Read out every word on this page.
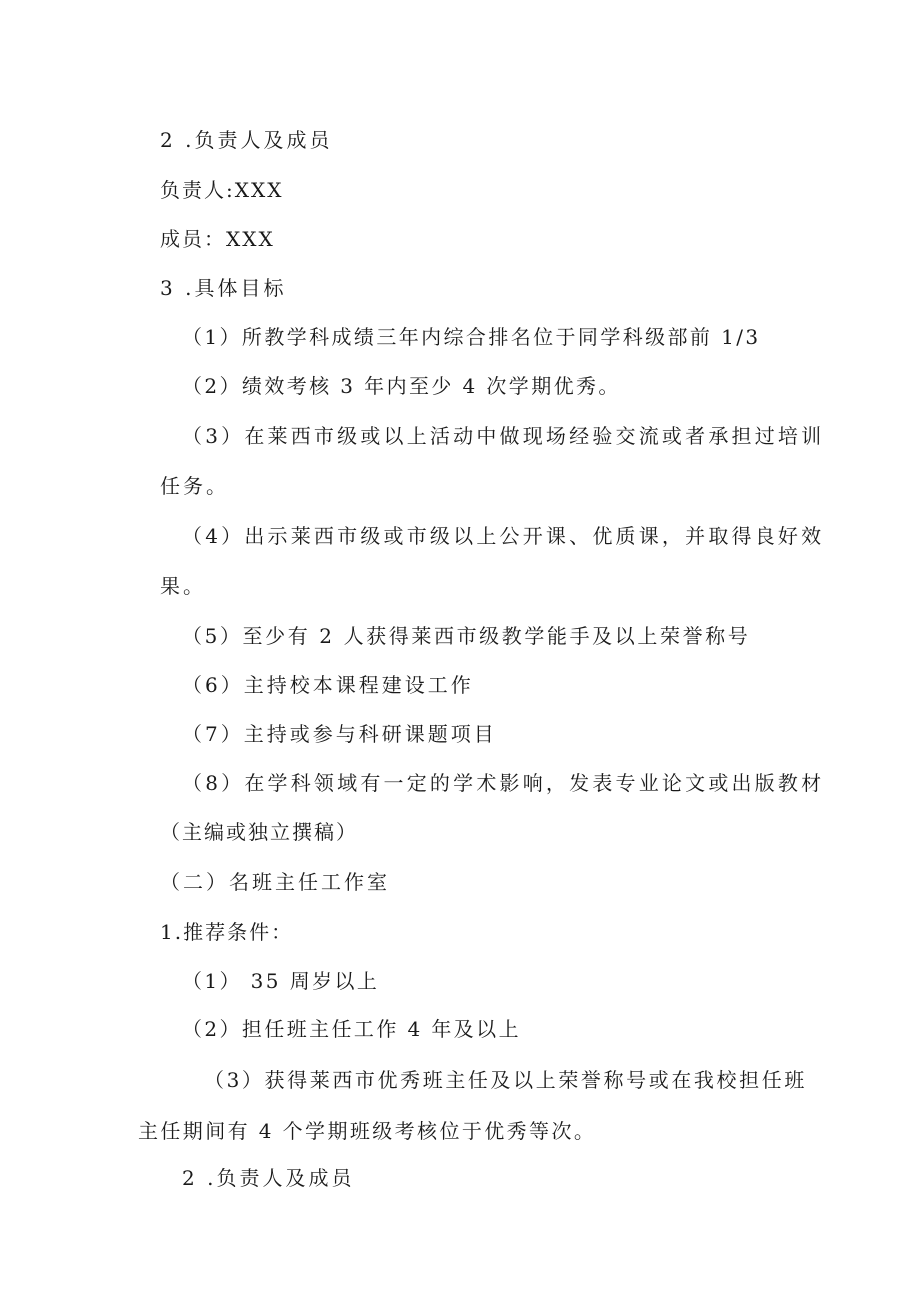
2 .负责人及成员
负责人:XXX
成员：XXX
3 .具体目标
（1）所教学科成绩三年内综合排名位于同学科级部前 1/3
（2）绩效考核 3 年内至少 4 次学期优秀。
（3）在莱西市级或以上活动中做现场经验交流或者承担过培训
任务。
（4）出示莱西市级或市级以上公开课、优质课，并取得良好效
果。
（5）至少有 2 人获得莱西市级教学能手及以上荣誉称号
（6）主持校本课程建设工作
（7）主持或参与科研课题项目
（8）在学科领域有一定的学术影响，发表专业论文或出版教材
（主编或独立撰稿）
（二）名班主任工作室
1.推荐条件：
（1） 35 周岁以上
（2）担任班主任工作 4 年及以上
（3）获得莱西市优秀班主任及以上荣誉称号或在我校担任班
主任期间有 4 个学期班级考核位于优秀等次。
2 .负责人及成员
